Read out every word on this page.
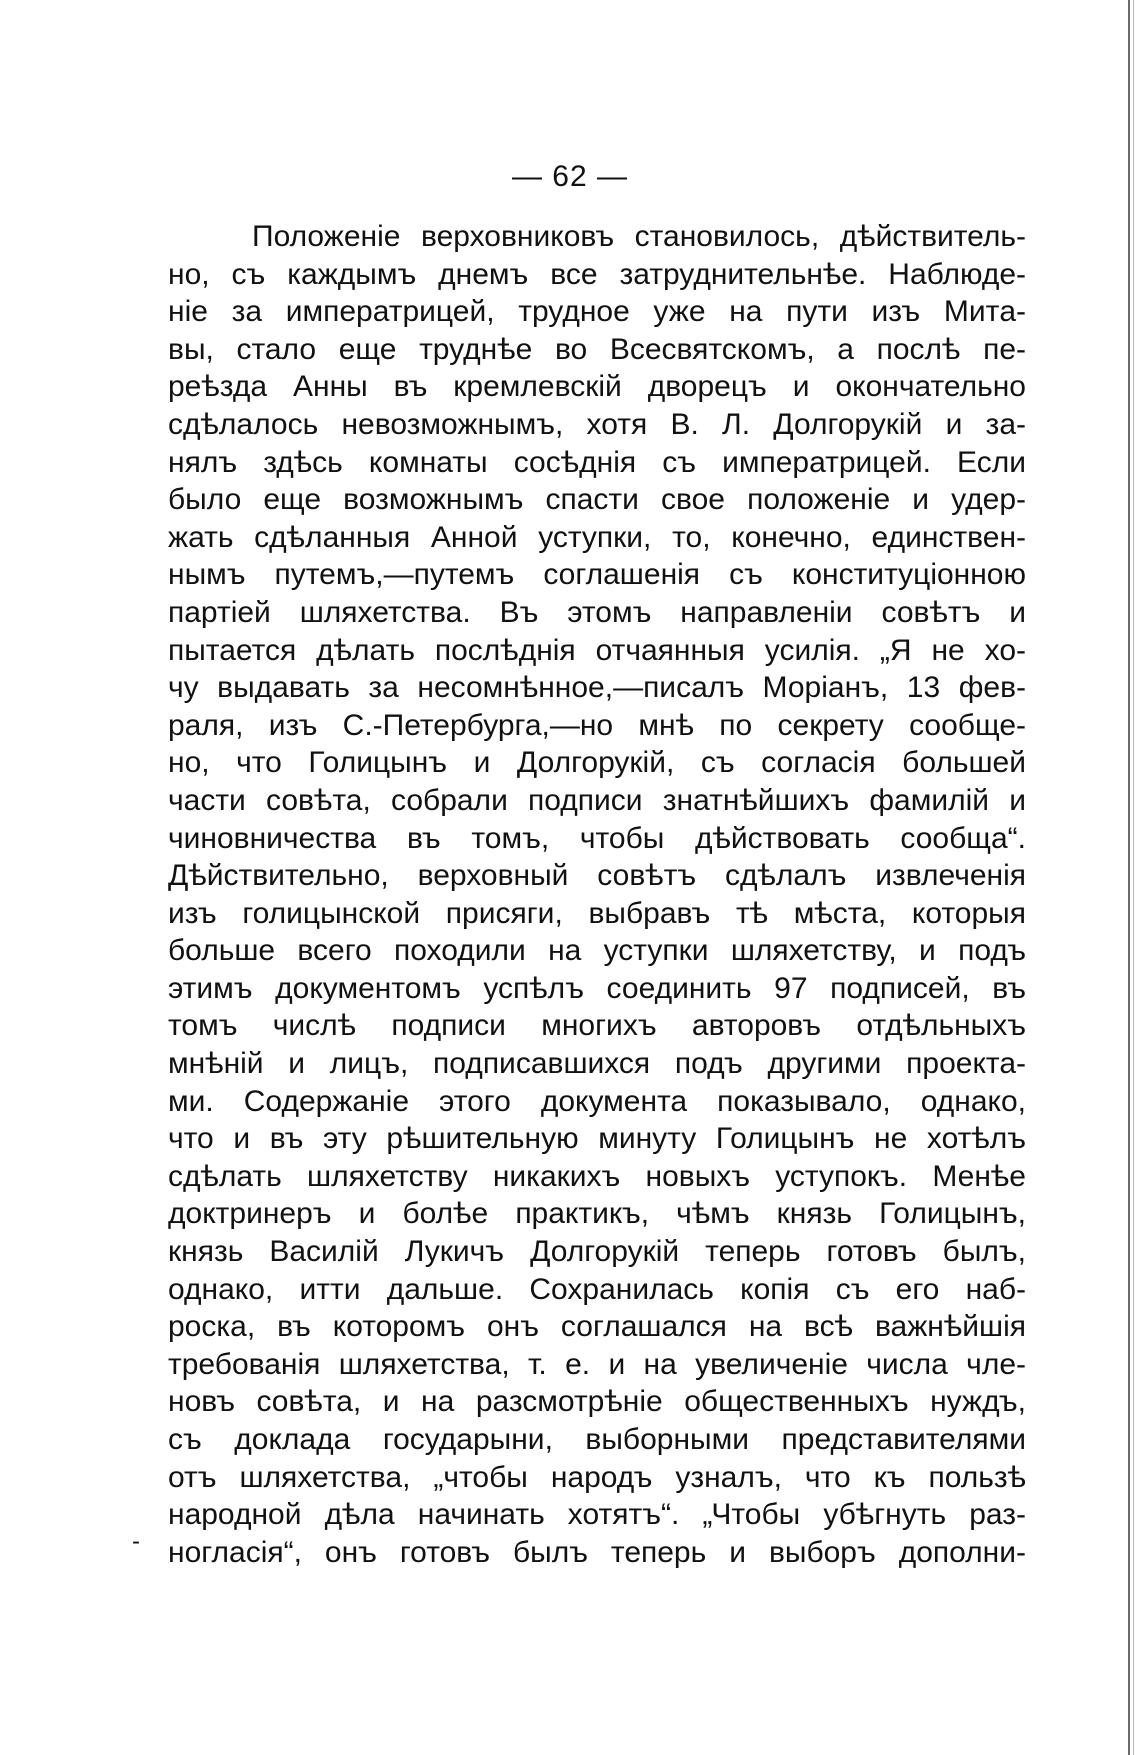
— 62 —
Положеніе верховниковъ становилось, дѣйствитель-
но, съ каждымъ днемъ все затруднительнѣе. Наблюде-
ніе за императрицей, трудное уже на пути изъ Митa-
вы, стало еще труднѣе во Всесвятскомъ, а послѣ пе-
реѣзда Анны въ кремлевскій дворецъ и окончательно
сдѣлалось невозможнымъ, хотя В. Л. Долгорукій и за-
нялъ здѣсь комнаты сосѣднія съ императрицей. Если
было еще возможнымъ спасти свое положеніе и удер-
жать сдѣланныя Анной уступки, то, конечно, единствен-
нымъ путемъ,—путемъ соглашенія съ конституціонною
партіей шляхетства. Въ этомъ направленіи совѣтъ и
пытается дѣлать послѣднія отчаянныя усилія. „Я не хо-
чу выдавать за несомнѣнное,—писалъ Моріанъ, 13 фев-
раля, изъ С.-Петербурга,—но мнѣ по секрету сообще-
но, что Голицынъ и Долгорукій, съ согласія большей
части совѣта, собрали подписи знатнѣйшихъ фамилій и
чиновничества въ томъ, чтобы дѣйствовать сообща“.
Дѣйствительно, верховный совѣтъ сдѣлалъ извлеченія
изъ голицынской присяги, выбравъ тѣ мѣста, которыя
больше всего походили на уступки шляхетству, и подъ
этимъ документомъ успѣлъ соединить 97 подписей, въ
томъ числѣ подписи многихъ авторовъ отдѣльныхъ
мнѣній и лицъ, подписавшихся подъ другими проекта-
ми. Содержаніе этого документа показывало, однако,
что и въ эту рѣшительную минуту Голицынъ не хотѣлъ
сдѣлать шляхетству никакихъ новыхъ уступокъ. Менѣе
доктринеръ и болѣе практикъ, чѣмъ князь Голицынъ,
князь Василій Лукичъ Долгорукій теперь готовъ былъ,
однако, итти дальше. Сохранилась копія съ его наб-
роска, въ которомъ онъ соглашался на всѣ важнѣйшія
требованія шляхетства, т. е. и на увеличеніе числа чле-
новъ совѣта, и на разсмотрѣніе общественныхъ нуждъ,
съ доклада государыни, выборными представителями
отъ шляхетства, „чтобы народъ узналъ, что къ пользѣ
народной дѣла начинать хотятъ“. „Чтобы убѣгнуть раз-
ногласія“, онъ готовъ былъ теперь и выборъ дополни-
-
